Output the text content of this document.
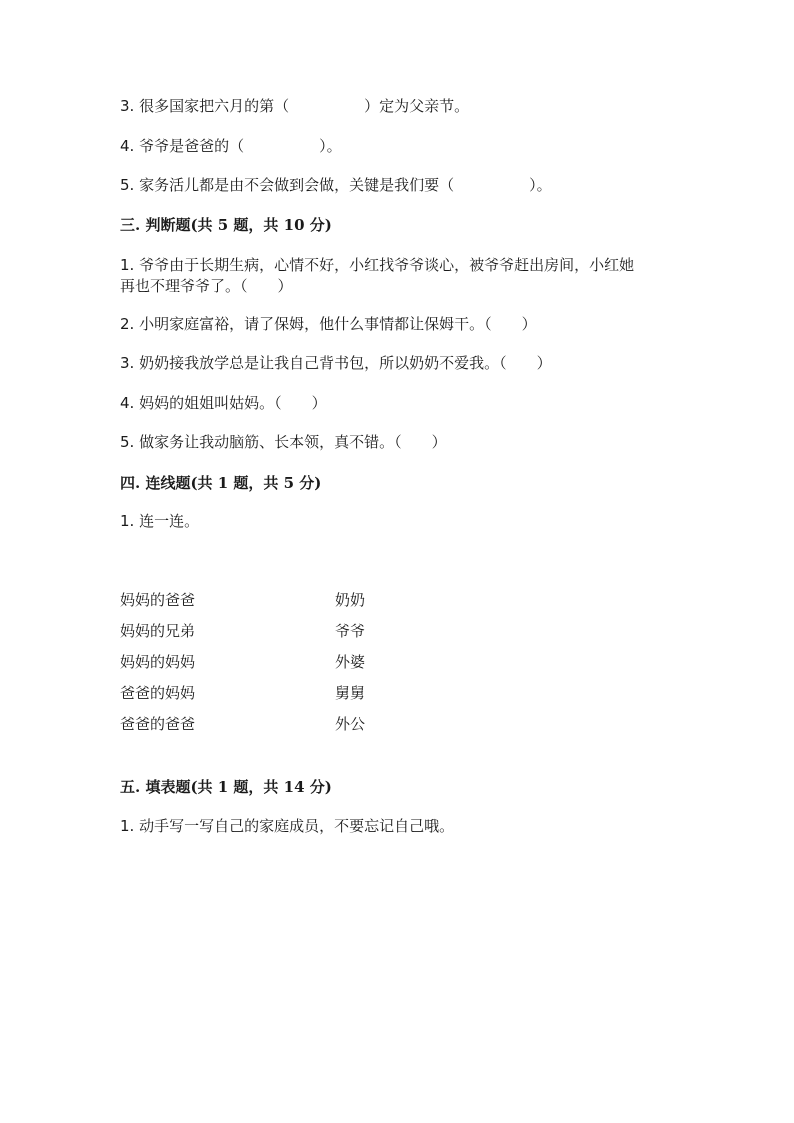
3. 很多国家把六月的第（　　　　　）定为父亲节。
4. 爷爷是爸爸的（　　　　　）。
5. 家务活儿都是由不会做到会做，关键是我们要（　　　　　）。
三. 判断题(共 5 题，共 10 分)
1. 爷爷由于长期生病，心情不好，小红找爷爷谈心，被爷爷赶出房间，小红她
再也不理爷爷了。（　　）
2. 小明家庭富裕，请了保姆，他什么事情都让保姆干。（　　）
3. 奶奶接我放学总是让我自己背书包，所以奶奶不爱我。（　　）
4. 妈妈的姐姐叫姑妈。（　　）
5. 做家务让我动脑筋、长本领，真不错。（　　）
四. 连线题(共 1 题，共 5 分)
1. 连一连。
妈妈的爸爸
妈妈的兄弟
妈妈的妈妈
爸爸的妈妈
爸爸的爸爸
奶奶
爷爷
外婆
舅舅
外公
五. 填表题(共 1 题，共 14 分)
1. 动手写一写自己的家庭成员，不要忘记自己哦。
